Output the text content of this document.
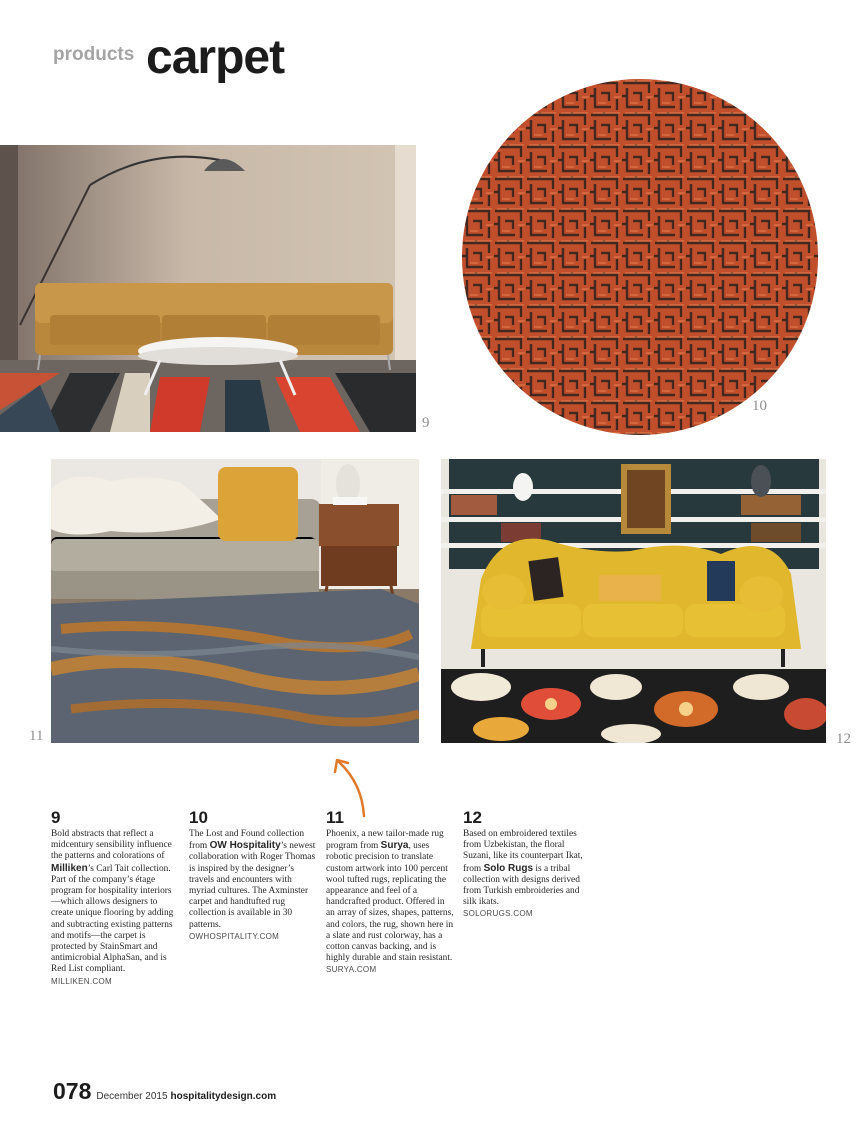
products carpet
9
10
11	12
9
Bold abstracts that reflect a midcentury sensibility influence the patterns and colorations of Milliken’s Carl Tait collection. Part of the company’s étage program for hospitality interiors—which allows designers to create unique flooring by adding and subtracting existing patterns and motifs—the carpet is protected by StainSmart and antimicrobial AlphaSan, and is Red List compliant.
MILLIKEN.COM
10
The Lost and Found collection from OW Hospitality’s newest collaboration with Roger Thomas is inspired by the designer’s travels and encounters with myriad cultures. The Axminster carpet and handtufted rug collection is available in 30 patterns.
OWHOSPITALITY.COM
11
Phoenix, a new tailor-made rug program from Surya, uses robotic precision to translate custom artwork into 100 percent wool tufted rugs, replicating the appearance and feel of a handcrafted product. Offered in an array of sizes, shapes, patterns, and colors, the rug, shown here in a slate and rust colorway, has a cotton canvas backing, and is highly durable and stain resistant.
SURYA.COM
12
Based on embroidered textiles from Uzbekistan, the floral Suzani, like its counterpart Ikat, from Solo Rugs is a tribal collection with designs derived from Turkish embroideries and silk ikats.
SOLORUGS.COM
078 December 2015 hospitalitydesign.com
